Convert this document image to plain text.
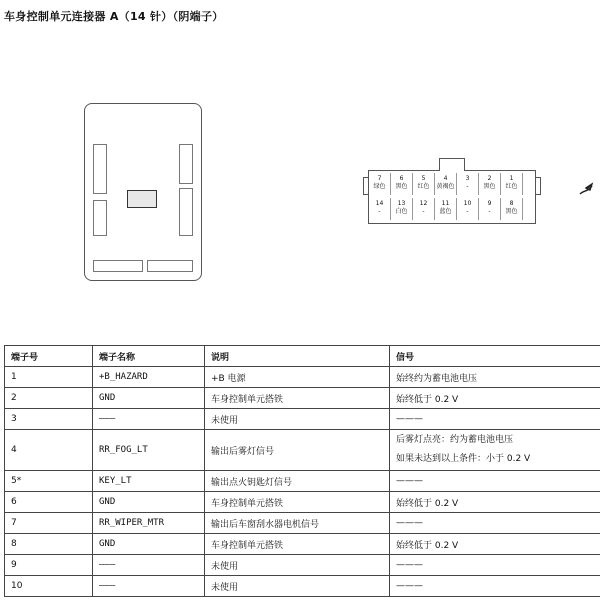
车身控制单元连接器 A（14 针）（阴端子）
7
绿色
6
黑色
5
红色
4
黄褐色
3
-
2
黑色
1
红色
14
-
13
白色
12
-
11
蓝色
10
-
9
-
8
黑色
端子号	端子名称	说明	信号
1	+B_HAZARD	+B 电源	始终约为蓄电池电压
2	GND	车身控制单元搭铁	始终低于 0.2 V
3	———	未使用	———
4	RR_FOG_LT	输出后雾灯信号	后雾灯点亮：约为蓄电池电压
如果未达到以上条件：小于 0.2 V

5*	KEY_LT	输出点火钥匙灯信号	———
6	GND	车身控制单元搭铁	始终低于 0.2 V
7	RR_WIPER_MTR	输出后车窗刮水器电机信号	———
8	GND	车身控制单元搭铁	始终低于 0.2 V
9	———	未使用	———
10	———	未使用	———
